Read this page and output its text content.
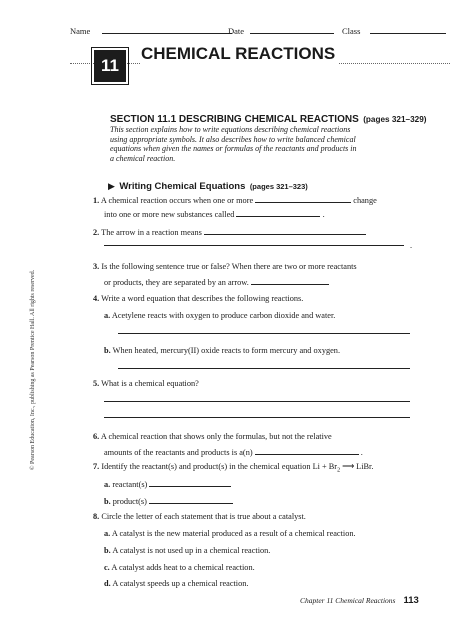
Name	Date	Class
11
CHEMICAL REACTIONS
SECTION 11.1 DESCRIBING CHEMICAL REACTIONS (pages 321–329)
This section explains how to write equations describing chemical reactions
using appropriate symbols. It also describes how to write balanced chemical
equations when given the names or formulas of the reactants and products in
a chemical reaction.
▶ Writing Chemical Equations (pages 321–323)
1. A chemical reaction occurs when one or more	change
into one or more new substances called	.
2. The arrow in a reaction means
.
3. Is the following sentence true or false? When there are two or more reactants
or products, they are separated by an arrow.
4. Write a word equation that describes the following reactions.
a. Acetylene reacts with oxygen to produce carbon dioxide and water.
b. When heated, mercury(II) oxide reacts to form mercury and oxygen.
5. What is a chemical equation?
6. A chemical reaction that shows only the formulas, but not the relative
amounts of the reactants and products is a(n)	.
7. Identify the reactant(s) and product(s) in the chemical equation $Li + Br_2$ ⟶ LiBr.
a. reactant(s)
b. product(s)
8. Circle the letter of each statement that is true about a catalyst.
a. A catalyst is the new material produced as a result of a chemical reaction.
b. A catalyst is not used up in a chemical reaction.
c. A catalyst adds heat to a chemical reaction.
d. A catalyst speeds up a chemical reaction.
Chapter 11 Chemical Reactions 113
© Pearson Education, Inc., publishing as Pearson Prentice Hall. All rights reserved.
